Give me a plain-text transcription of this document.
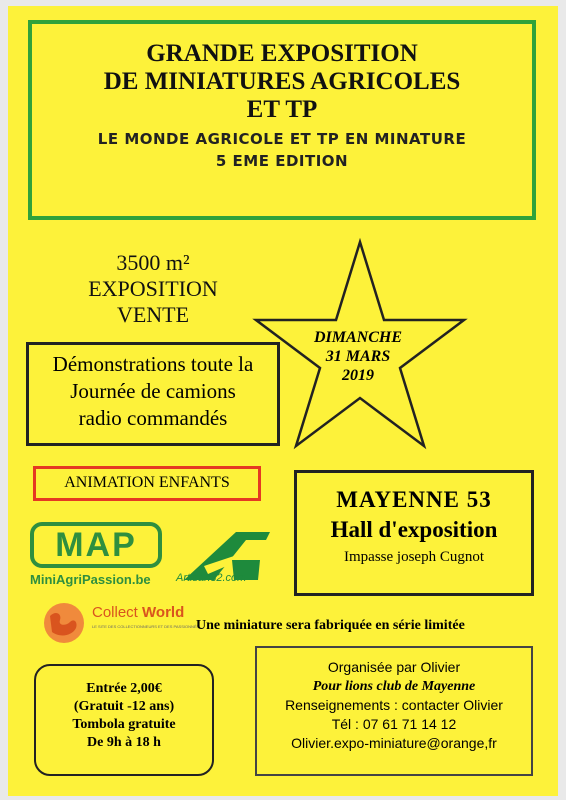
GRANDE EXPOSITION
DE MINIATURES AGRICOLES
ET TP
LE MONDE AGRICOLE ET TP EN MINATURE
5 EME EDITION
3500 m²
EXPOSITION
VENTE
DIMANCHE
31 MARS
2019
Démonstrations toute la
Journée de camions
radio commandés
ANIMATION ENFANTS
MAYENNE 53
Hall d'exposition
Impasse joseph Cugnot
MAP
MiniAgriPassion.be Artisan32.com
Collect World
LE SITE DES COLLECTIONNEURS ET DES PASSIONNÉS
Une miniature sera fabriquée en série limitée
Entrée 2,00€
(Gratuit -12 ans)
Tombola gratuite
De 9h à 18 h
Organisée par Olivier
Pour lions club de Mayenne
Renseignements : contacter Olivier
Tél : 07 61 71 14 12
Olivier.expo-miniature@orange,fr
